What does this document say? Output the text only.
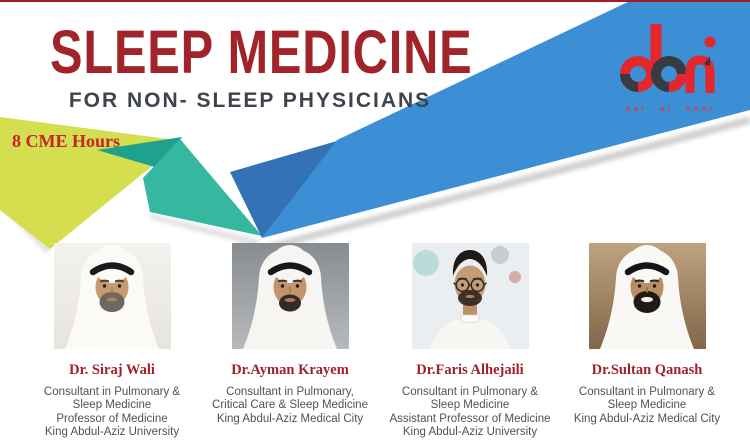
SLEEP MEDICINE
FOR NON- SLEEP PHYSICIANS
8 CME Hours
dar al noor
Dr. Siraj Wali
Consultant in Pulmonary &
Sleep Medicine
Professor of Medicine
King Abdul-Aziz University
Dr.Ayman Krayem
Consultant in Pulmonary,
Critical Care & Sleep Medicine
King Abdul-Aziz Medical City
Dr.Faris Alhejaili
Consultant in Pulmonary &
Sleep Medicine
Assistant Professor of Medicine
King Abdul-Aziz University
Dr.Sultan Qanash
Consultant in Pulmonary &
Sleep Medicine
King Abdul-Aziz Medical City
